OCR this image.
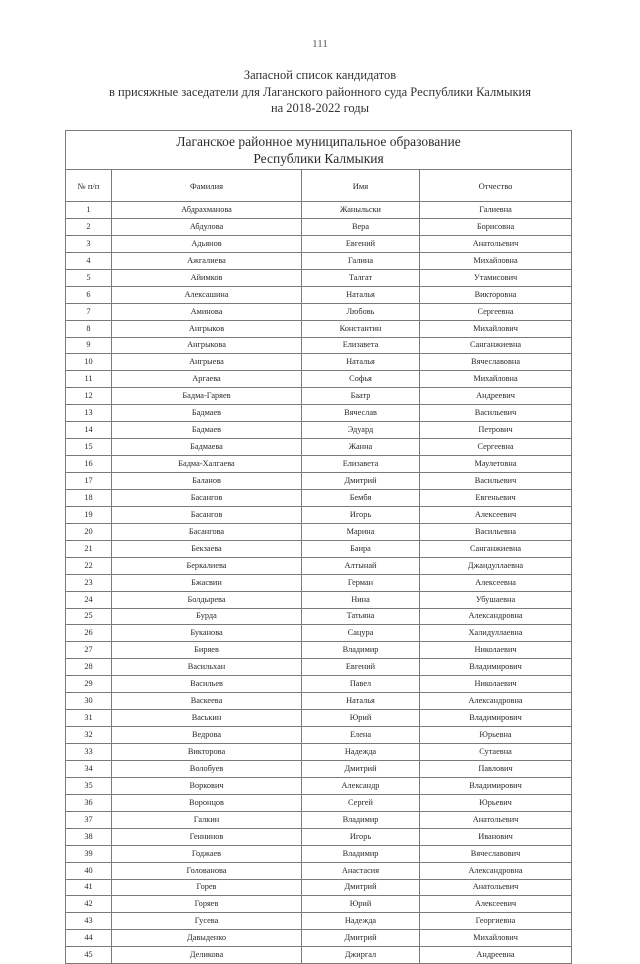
111
Запасной список кандидатов
в присяжные заседатели для Лаганского районного суда Республики Калмыкия
на 2018-2022 годы
Лаганское районное муниципальное образование
Республики Калмыкия			

№ п/п	Фамилия	Имя	Отчество
1	Абдрахманова	Жаныльски	Галиевна
2	Абдулова	Вера	Борисовна
3	Адьянов	Евгений	Анатольевич
4	Ажгалиева	Галина	Михайловна
5	Айимков	Талгат	Утамисович
6	Алексашина	Наталья	Викторовна
7	Аминова	Любовь	Сергеевна
8	Ангрыков	Константин	Михайлович
9	Ангрыкова	Елизавета	Санганжиевна
10	Ангрыева	Наталья	Вячеславовна
11	Аргаева	Софья	Михайловна
12	Бадма-Гаряев	Баатр	Андреевич
13	Бадмаев	Вячеслав	Васильевич
14	Бадмаев	Эдуард	Петрович
15	Бадмаева	Жанна	Сергеевна
16	Бадма-Халгаева	Елизавета	Маулетовна
17	Баланов	Дмитрий	Васильевич
18	Басангов	Бембя	Евгеньевич
19	Басангов	Игорь	Алексеевич
20	Басангова	Марина	Васильевна
21	Бекзаева	Баира	Санганжиевна
22	Беркалиева	Алтынай	Джандуллаевна
23	Бжасвин	Герман	Алексеевна
24	Болдырева	Нина	Убушаевна
25	Бурда	Татьяна	Александровна
26	Буканова	Сацура	Халидуллаевна
27	Биряев	Владимир	Николаевич
28	Васильхан	Евгений	Владимирович
29	Васильев	Павел	Николаевич
30	Васкеева	Наталья	Александровна
31	Васькин	Юрий	Владимирович
32	Ведрова	Елена	Юрьевна
33	Викторова	Надежда	Сутаевна
34	Волобуев	Дмитрий	Павлович
35	Воркович	Александр	Владимирович
36	Воронцов	Сергей	Юрьевич
37	Галкин	Владимир	Анатольевич
38	Геннинов	Игорь	Иванович
39	Годжаев	Владимир	Вячеславович
40	Голованова	Анастасия	Александровна
41	Горев	Дмитрий	Анатольевич
42	Горяев	Юрий	Алексеевич
43	Гусева	Надежда	Георгиевна
44	Давыденко	Дмитрий	Михайлович
45	Деликова	Джиргал	Андреевна
